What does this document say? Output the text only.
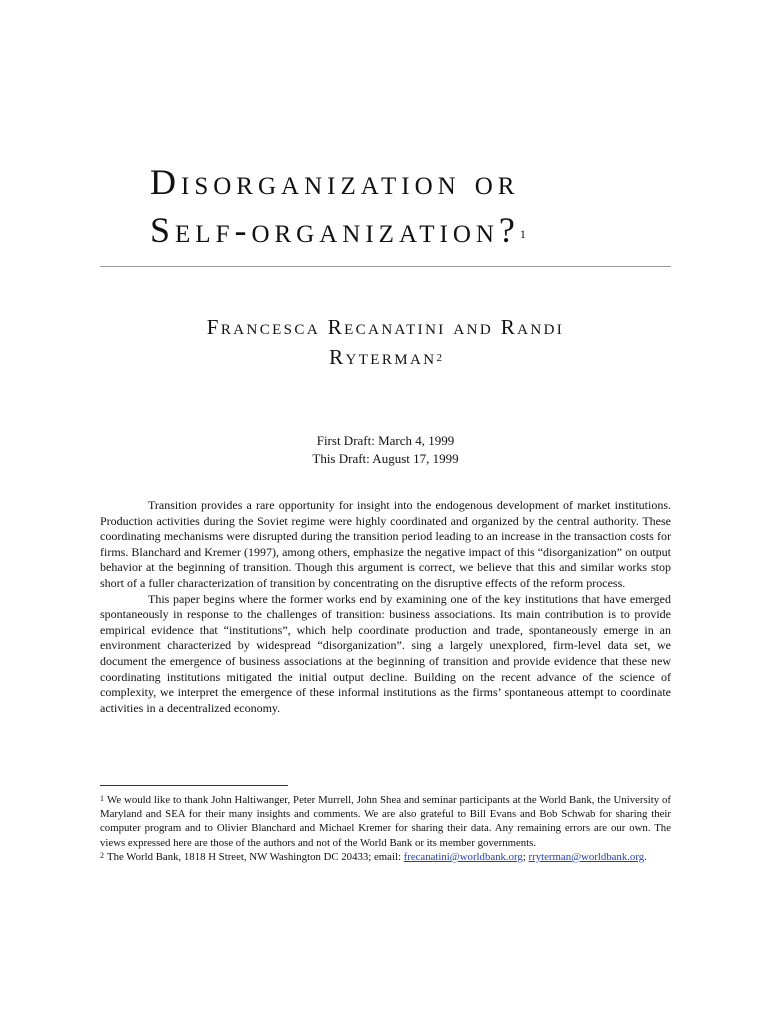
Disorganization or
Self-organization?$^1$
Francesca Recanatini and Randi
Ryterman$^2$
First Draft: March 4, 1999
This Draft: August 17, 1999

Transition provides a rare opportunity for insight into the endogenous development of market institutions. Production activities during the Soviet regime were highly coordinated and organized by the central authority. These coordinating mechanisms were disrupted during the transition period leading to an increase in the transaction costs for firms. Blanchard and Kremer (1997), among others, emphasize the negative impact of this “disorganization” on output behavior at the beginning of transition. Though this argument is correct, we believe that this and similar works stop short of a fuller characterization of transition by concentrating on the disruptive effects of the reform process.

This paper begins where the former works end by examining one of the key institutions that have emerged spontaneously in response to the challenges of transition: business associations. Its main contribution is to provide empirical evidence that “institutions”, which help coordinate production and trade, spontaneously emerge in an environment characterized by widespread “disorganization”. sing a largely unexplored, firm-level data set, we document the emergence of business associations at the beginning of transition and provide evidence that these new coordinating institutions mitigated the initial output decline. Building on the recent advance of the science of complexity, we interpret the emergence of these informal institutions as the firms’ spontaneous attempt to coordinate activities in a decentralized economy.

$^1$ We would like to thank John Haltiwanger, Peter Murrell, John Shea and seminar participants at the World Bank, the University of Maryland and SEA for their many insights and comments. We are also grateful to Bill Evans and Bob Schwab for sharing their computer program and to Olivier Blanchard and Michael Kremer for sharing their data. Any remaining errors are our own. The views expressed here are those of the authors and not of the World Bank or its member governments.

$^2$ The World Bank, 1818 H Street, NW Washington DC 20433; email: frecanatini@worldbank.org; rryterman@worldbank.org.
